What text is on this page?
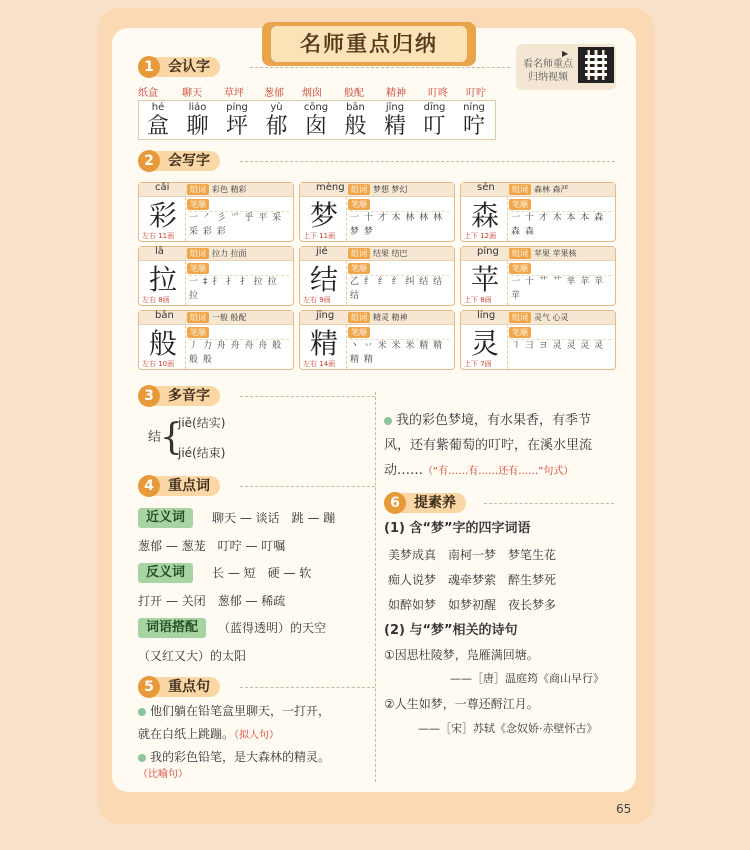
名师重点归纳	▶
看名师重点
归纳视频
会认字
1
纸盒 聊天 草坪 葱郁 烟囱 般配 精神 叮咚 叮咛
hé
盒
liáo
聊
píng
坪
yù
郁
cōng
囱
bān
般
jīng
精
dīng
叮
níng
咛
会写字
2
cǎi	组词 彩色 精彩
彩
左右 11画
笔顺
一 ㇒ 彡 爫 乎 平 采 采 彩 彩
mèng 组词 梦想 梦幻
梦
上下 11画
笔顺
一 十 才 木 林 林 林 梦 梦
sēn	组词 森林 森严
森
上下 12画
笔顺
一 十 才 木 本 本 森 森 森
lā	组词 拉力 拉面
拉
左右 8画
笔顺
一 ‡ 扌 扌 扌 拉 拉 拉
jié	组词 结果 结巴
结
左右 9画
笔顺
乙 纟 纟 纟 纠 结 结 结
píng	组词 苹果 苹果核
苹
上下 8画
笔顺
一 十 艹 艹 芈 苹 苹 苹
bān	组词 一般 般配
般
左右 10画
笔顺
丿 力 舟 舟 舟 舟 般 般 般
jīng	组词 精灵 精神
精
左右 14画
笔顺
丶 丷 米 米 米 精 精 精 精
líng	组词 灵气 心灵
灵
上下 7画
笔顺
㇕ 彐 ヨ 灵 灵 灵 灵
多音字
3
结
{
jiē(结实)
jié(结束)
重点词
4
近义词	聊天 — 谈话　跳 — 蹦
葱郁 — 葱茏　叮咛 — 叮嘱
反义词	长 — 短　硬 — 软
打开 — 关闭　葱郁 — 稀疏
词语搭配	（蓝得透明）的天空
（又红又大）的太阳
重点句
5
他们躺在铅笔盒里聊天，一打开，
就在白纸上跳蹦。（拟人句）
我的彩色铅笔，是大森林的精灵。
（比喻句）
我的彩色梦境，有水果香，有季节
风，还有紫葡萄的叮咛，在溪水里流
动……（“有……有……还有……”句式）
提素养
6
(1) 含“梦”字的四字词语
美梦成真　南柯一梦　梦笔生花
痴人说梦　魂牵梦萦　醉生梦死
如醉如梦　如梦初醒　夜长梦多
(2) 与“梦”相关的诗句
①因思杜陵梦，凫雁满回塘。
——［唐］温庭筠《商山早行》
②人生如梦，一尊还酹江月。
——［宋］苏轼《念奴娇·赤壁怀古》
65
